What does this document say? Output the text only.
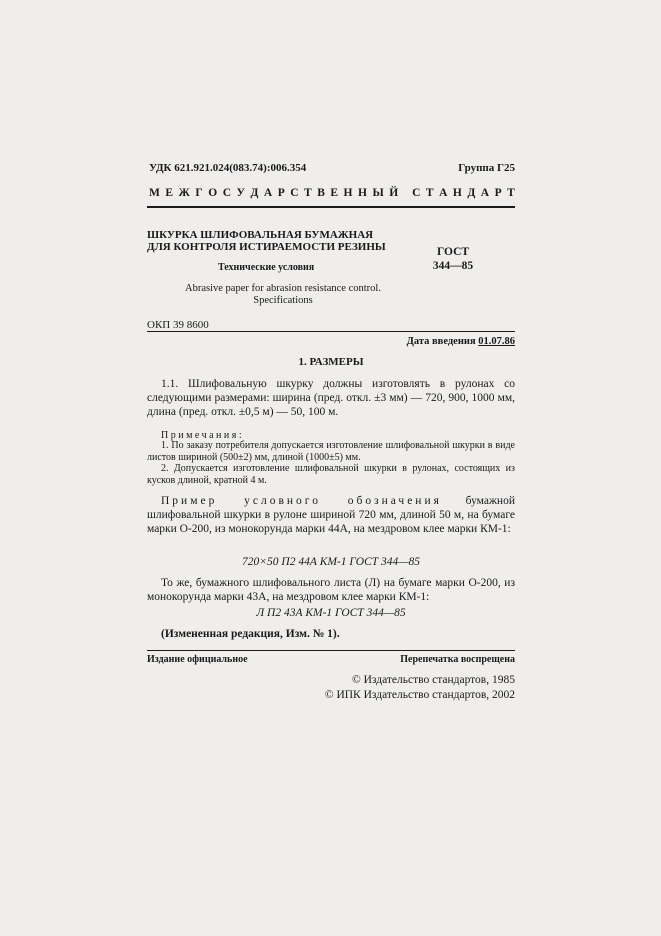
УДК 621.921.024(083.74):006.354	Группа Г25
М Е Ж Г О С У Д А Р С Т В Е Н Н Ы Й
С Т А Н Д А Р Т
ШКУРКА ШЛИФОВАЛЬНАЯ БУМАЖНАЯ
ДЛЯ КОНТРОЛЯ ИСТИРАЕМОСТИ РЕЗИНЫ	ГОСТ
344—85
Технические условия
Abrasive paper for abrasion resistance control.
Specifications
ОКП 39 8600
Дата введения 01.07.86
1. РАЗМЕРЫ
1.1. Шлифовальную шкурку должны изготовлять в рулонах со следующими размерами: ширина (пред. откл. ±3 мм) — 720, 900, 1000 мм, длина (пред. откл. ±0,5 м) — 50, 100 м.
Примечания:
1. По заказу потребителя допускается изготовление шлифовальной шкурки в виде листов шириной (500±2) мм, длиной (1000±5) мм.
2. Допускается изготовление шлифовальной шкурки в рулонах, состоящих из кусков длиной, кратной 4 м.
Пример условного обозначения бумажной шлифовальной шкурки в рулоне шириной 720 мм, длиной 50 м, на бумаге марки О-200, из монокорунда марки 44А, на мездровом клее марки КМ-1:
720×50 П2 44А КМ-1 ГОСТ 344—85
То же, бумажного шлифовального листа (Л) на бумаге марки О-200, из монокорунда марки 43А, на мездровом клее марки КМ-1:
Л П2 43А КМ-1 ГОСТ 344—85
(Измененная редакция, Изм. № 1).
Издание официальное	Перепечатка воспрещена
© Издательство стандартов, 1985
© ИПК Издательство стандартов, 2002
